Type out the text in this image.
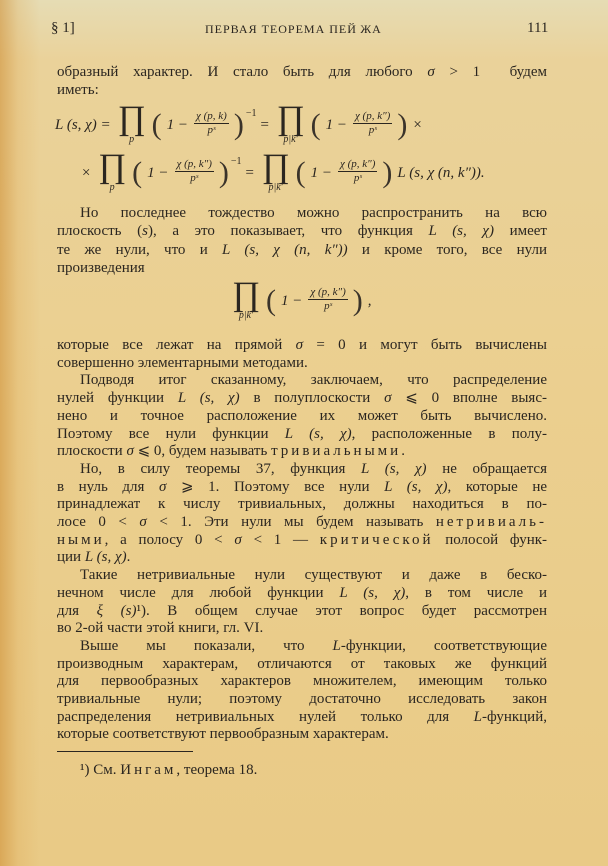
§ 1]	ПЕРВАЯ ТЕОРЕМА ПЕЙ ЖА	111
образный характер. И стало быть для любого σ > 1  будем
иметь:
Но последнее тождество можно распространить на всю
плоскость (s), а это показывает, что функция L (s, χ) имеет
те же нули, что и L (s, χ (n, k″)) и кроме того, все нули
произведения
которые все лежат на прямой σ = 0 и могут быть вычислены
совершенно элементарными методами.
Подводя итог сказанному, заключаем, что распределение
нулей функции L (s, χ) в полуплоскости σ ⩽ 0 вполне выяс-
нено и точное расположение их может быть вычислено.
Поэтому все нули функции L (s, χ), расположенные в полу-
плоскости σ ⩽ 0, будем называть тривиальными.
Но, в силу теоремы 37, функция L (s, χ) не обращается
в нуль для σ ⩾ 1. Поэтому все нули L (s, χ), которые не
принадлежат к числу тривиальных, должны находиться в по-
лосе 0 < σ < 1. Эти нули мы будем называть нетривиаль-
ными, а полосу 0 < σ < 1 — критической полосой функ-
ции L (s, χ).
Такие нетривиальные нули существуют и даже в беско-
нечном числе для любой функции L (s, χ), в том числе и
для ξ (s)¹). В общем случае этот вопрос будет рассмотрен
во 2-ой части этой книги, гл. VI.
Выше мы показали, что L-функции, соответствующие
производным характерам, отличаются от таковых же функций
для первообразных характеров множителем, имеющим только
тривиальные нули; поэтому достаточно исследовать закон
распределения нетривиальных нулей только для L-функций,
которые соответствуют первообразным характерам.
¹) См. Ингам, теорема 18.
L (s, χ) = ∏
p ( $1 - \frac{\chi (p, k)}{\text{pˢ}}$ ) −1
= ∏
p|k′ ( $1 - \frac{\chi (p, k'')}{\text{pˢ}}$ ) ×
× ∏
p ( $1 - \frac{\chi (p, k'')}{\text{pˢ}}$ ) −1
= ∏
p|k′ ( $1 - \frac{\chi (p, k'')}{\text{pˢ}}$ ) L (s, χ (n, k″)).
∏
p|k′ ( $1 - \frac{\chi (p, k'')}{\text{pˢ}}$ ) ,
